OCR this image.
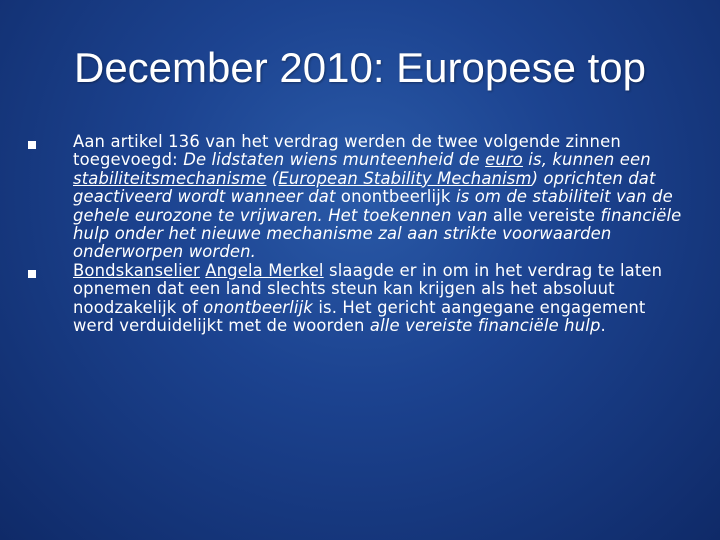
December 2010: Europese top
Aan artikel 136 van het verdrag werden de twee volgende zinnen toegevoegd: De lidstaten wiens munteenheid de euro is, kunnen een stabiliteitsmechanisme (European Stability Mechanism) oprichten dat geactiveerd wordt wanneer dat onontbeerlijk is om de stabiliteit van de gehele eurozone te vrijwaren. Het toekennen van alle vereiste financiële hulp onder het nieuwe mechanisme zal aan strikte voorwaarden onderworpen worden.
Bondskanselier Angela Merkel slaagde er in om in het verdrag te laten opnemen dat een land slechts steun kan krijgen als het absoluut noodzakelijk of onontbeerlijk is. Het gericht aangegane engagement werd verduidelijkt met de woorden alle vereiste financiële hulp.
